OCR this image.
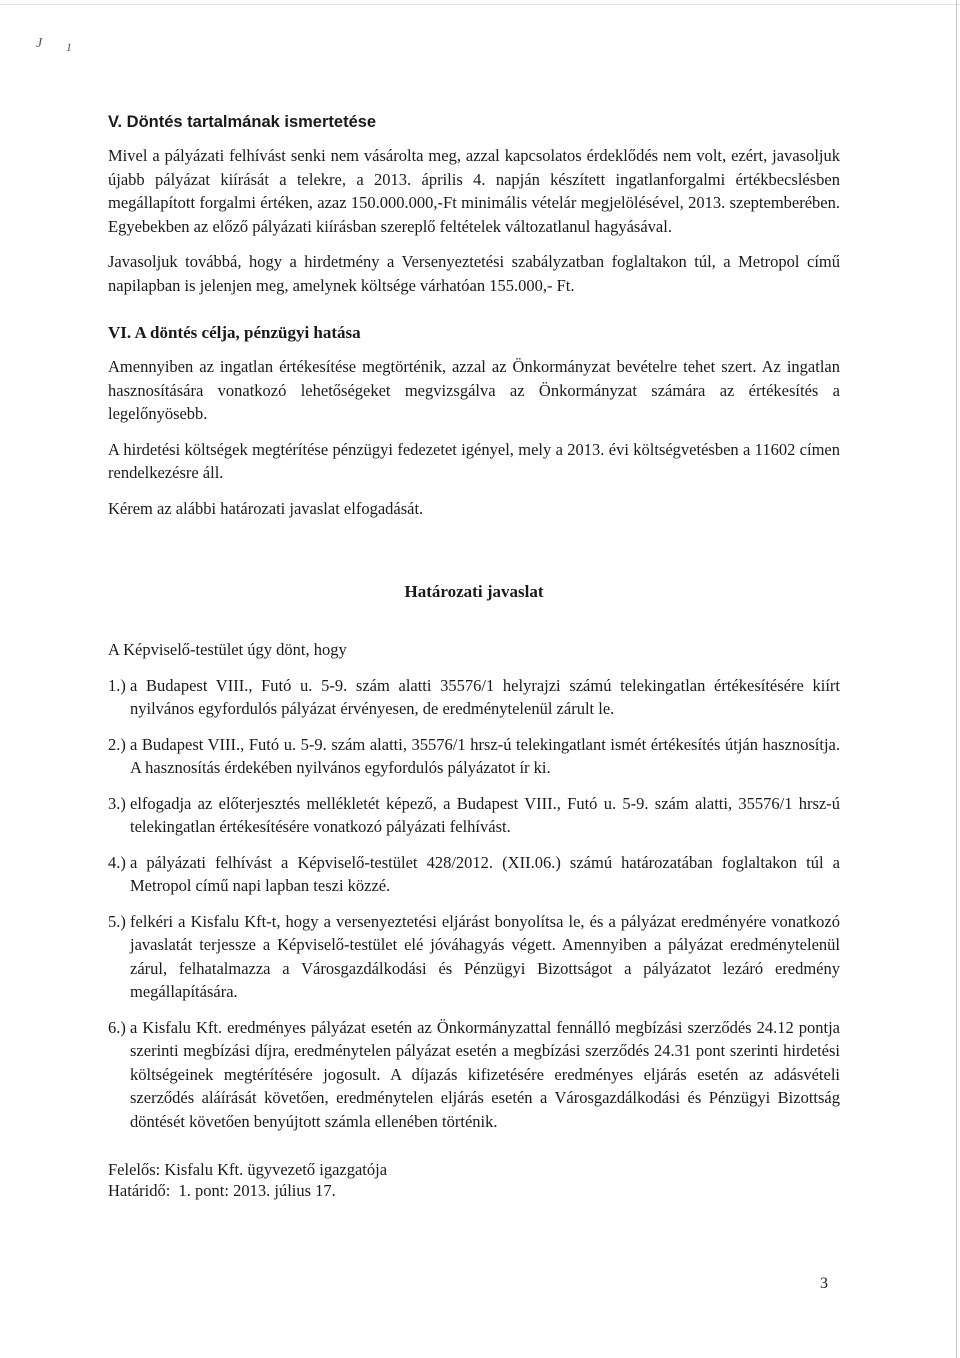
J 1
V. Döntés tartalmának ismertetése

Mivel a pályázati felhívást senki nem vásárolta meg, azzal kapcsolatos érdeklődés nem volt, ezért, javasoljuk újabb pályázat kiírását a telekre, a 2013. április 4. napján készített ingatlanforgalmi értékbecslésben megállapított forgalmi értéken, azaz 150.000.000,-Ft minimális vételár megjelölésével, 2013. szeptemberében. Egyebekben az előző pályázati kiírásban szereplő feltételek változatlanul hagyásával.

Javasoljuk továbbá, hogy a hirdetmény a Versenyeztetési szabályzatban foglaltakon túl, a Metropol című napilapban is jelenjen meg, amelynek költsége várhatóan 155.000,- Ft.

VI. A döntés célja, pénzügyi hatása

Amennyiben az ingatlan értékesítése megtörténik, azzal az Önkormányzat bevételre tehet szert. Az ingatlan hasznosítására vonatkozó lehetőségeket megvizsgálva az Önkormányzat számára az értékesítés a legelőnyösebb.

A hirdetési költségek megtérítése pénzügyi fedezetet igényel, mely a 2013. évi költségvetésben a 11602 címen rendelkezésre áll.

Kérem az alábbi határozati javaslat elfogadását.

Határozati javaslat

A Képviselő-testület úgy dönt, hogy

1.) a Budapest VIII., Futó u. 5-9. szám alatti 35576/1 helyrajzi számú telekingatlan értékesítésére kiírt nyilvános egyfordulós pályázat érvényesen, de eredménytelenül zárult le.
2.) a Budapest VIII., Futó u. 5-9. szám alatti, 35576/1 hrsz-ú telekingatlant ismét értékesítés útján hasznosítja. A hasznosítás érdekében nyilvános egyfordulós pályázatot ír ki.
3.) elfogadja az előterjesztés mellékletét képező, a Budapest VIII., Futó u. 5-9. szám alatti, 35576/1 hrsz-ú telekingatlan értékesítésére vonatkozó pályázati felhívást.
4.) a pályázati felhívást a Képviselő-testület 428/2012. (XII.06.) számú határozatában foglaltakon túl a Metropol című napi lapban teszi közzé.
5.) felkéri a Kisfalu Kft-t, hogy a versenyeztetési eljárást bonyolítsa le, és a pályázat eredményére vonatkozó javaslatát terjessze a Képviselő-testület elé jóváhagyás végett. Amennyiben a pályázat eredménytelenül zárul, felhatalmazza a Városgazdálkodási és Pénzügyi Bizottságot a pályázatot lezáró eredmény megállapítására.
6.) a Kisfalu Kft. eredményes pályázat esetén az Önkormányzattal fennálló megbízási szerződés 24.12 pontja szerinti megbízási díjra, eredménytelen pályázat esetén a megbízási szerződés 24.31 pont szerinti hirdetési költségeinek megtérítésére jogosult. A díjazás kifizetésére eredményes eljárás esetén az adásvételi szerződés aláírását követően, eredménytelen eljárás esetén a Városgazdálkodási és Pénzügyi Bizottság döntését követően benyújtott számla ellenében történik.
Felelős: Kisfalu Kft. ügyvezető igazgatója
Határidő:  1. pont: 2013. július 17.
3
